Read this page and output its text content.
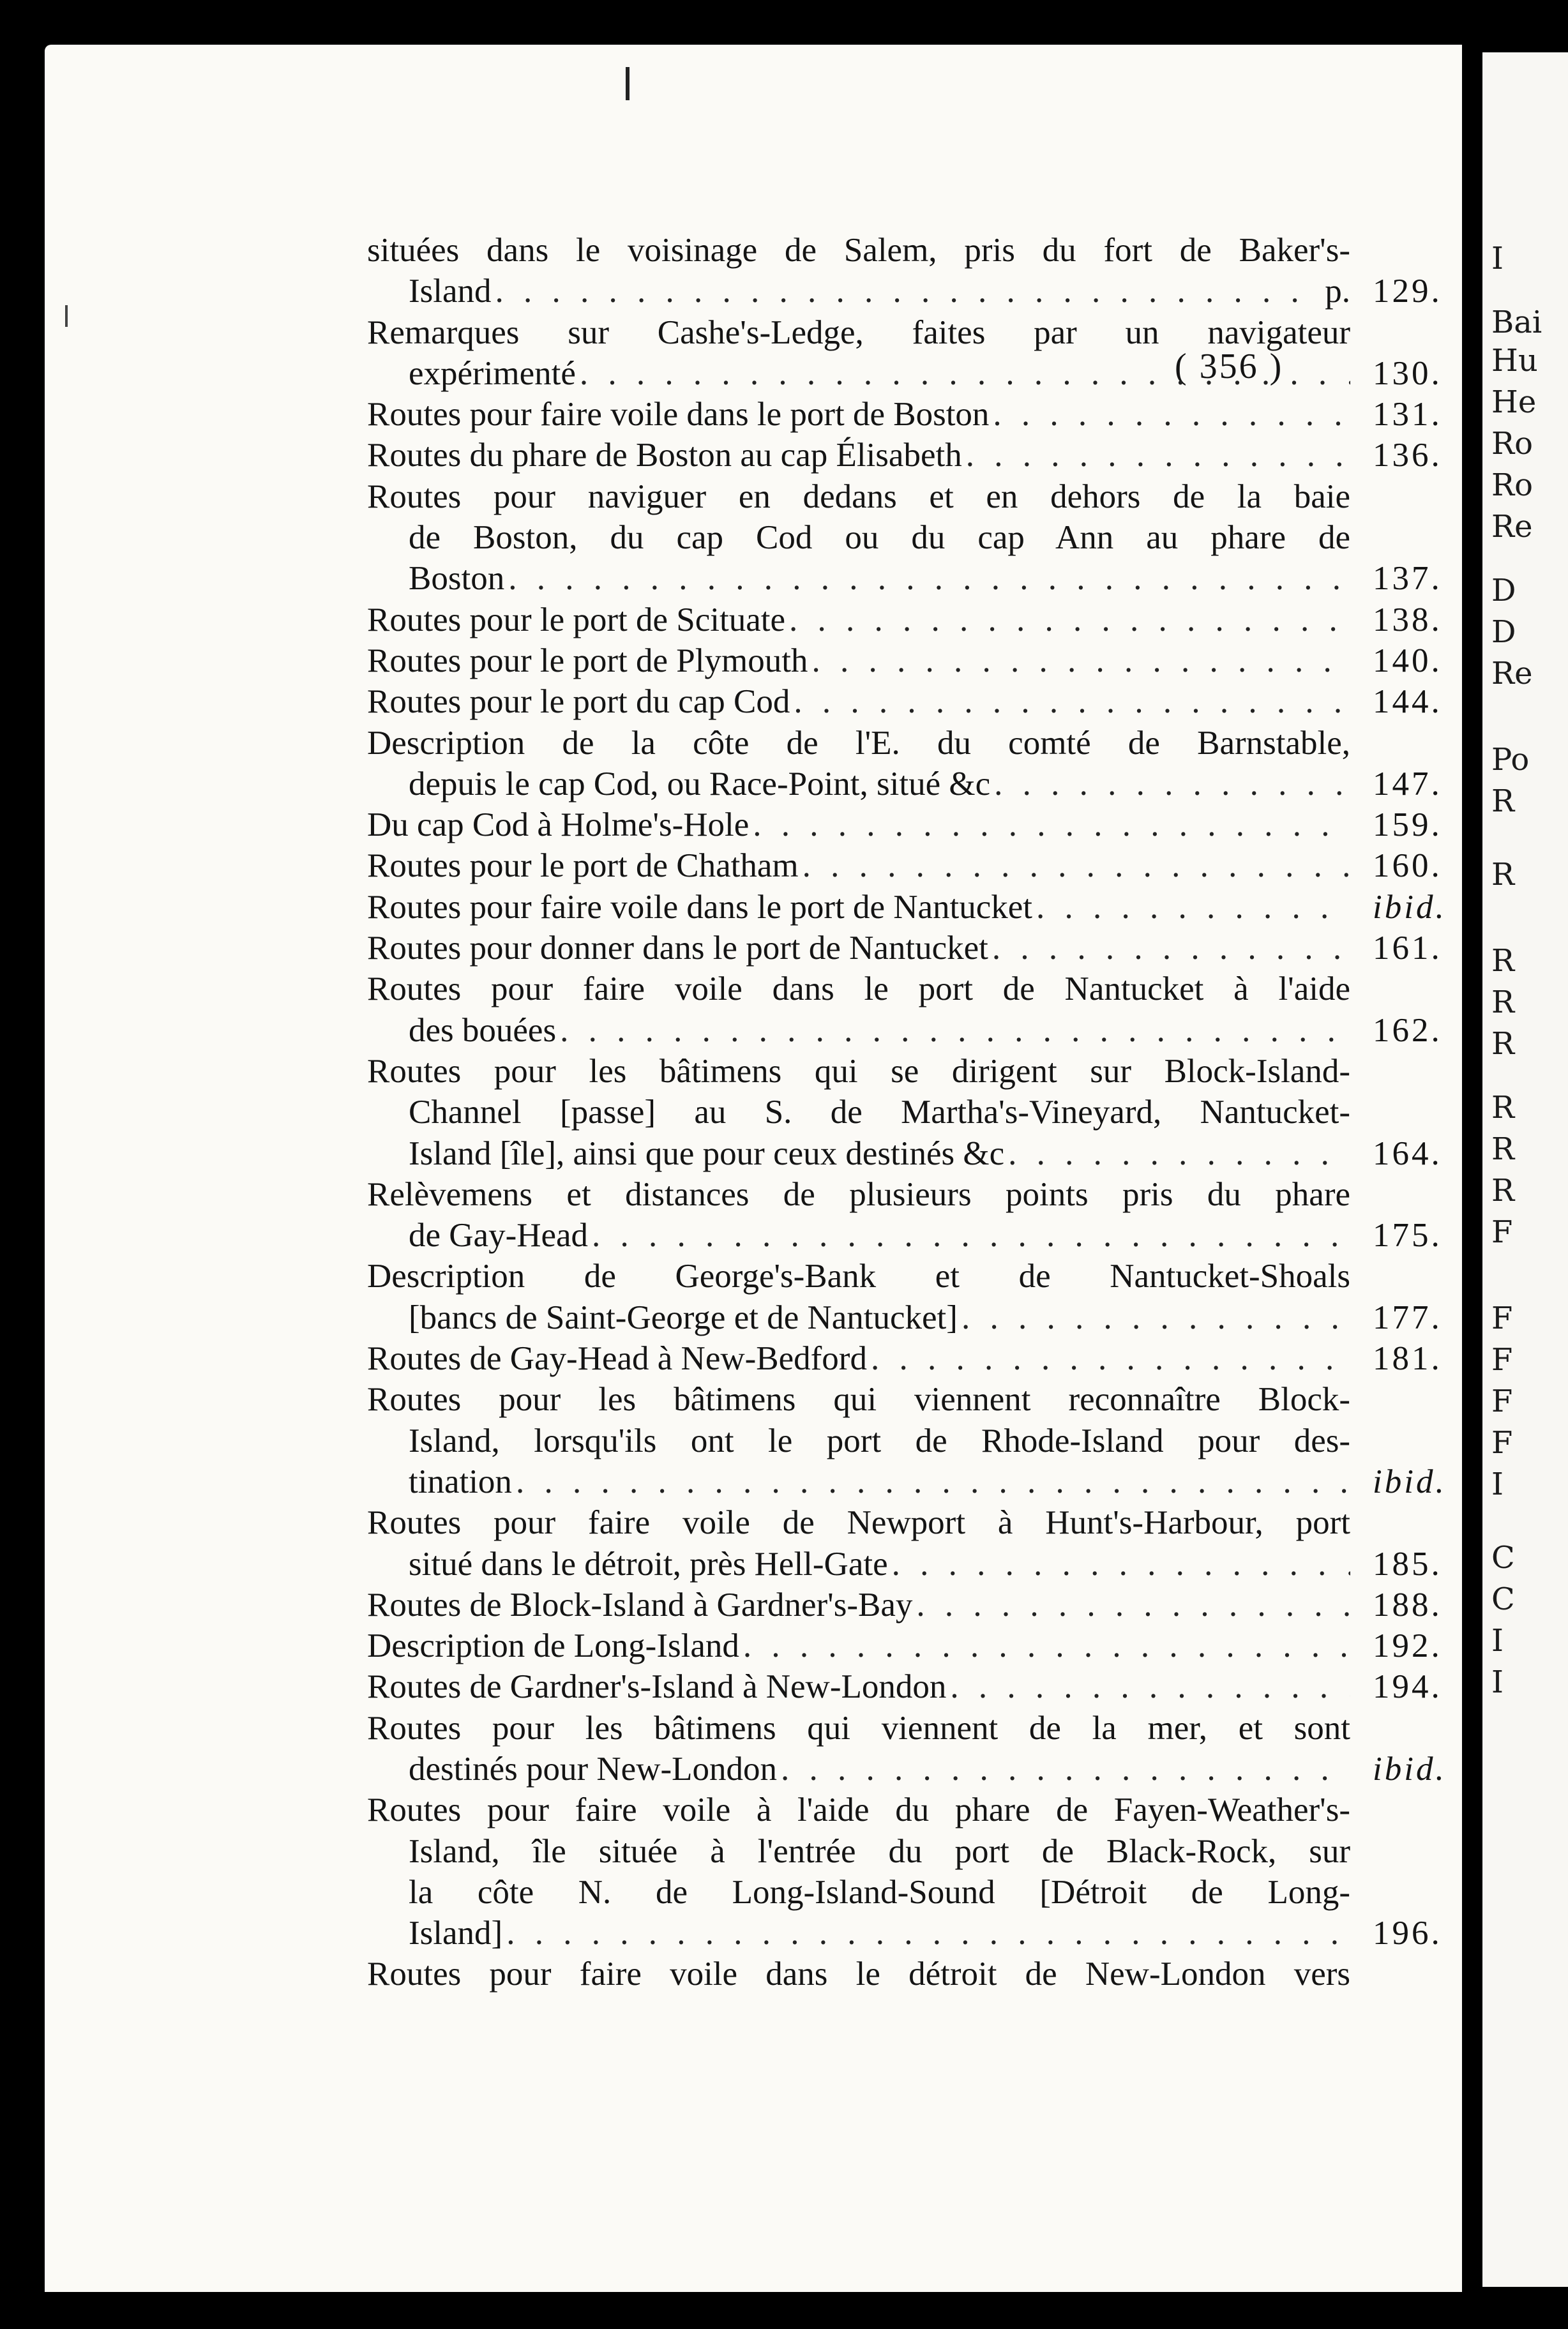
I
Bai
Hu
He
Ro
Ro
Re
D
D
Re
Po
R
R
R
R
R
R
R
R
F
F
F
F
F
I
C
C
I
I
( 356 )
situées dans le voisinage de Salem, pris du fort de Baker's-
Island . . .	p. 129.
Remarques sur Cashe's-Ledge, faites par un navigateur
expérimenté . . .	130.
Routes pour faire voile dans le port de Boston . . .	131.
Routes du phare de Boston au cap Élisabeth . . .	136.
Routes pour naviguer en dedans et en dehors de la baie
de Boston, du cap Cod ou du cap Ann au phare de
Boston . . .	137.
Routes pour le port de Scituate . . .	138.
Routes pour le port de Plymouth . . .	140.
Routes pour le port du cap Cod . . .	144.
Description de la côte de l'E. du comté de Barnstable,
depuis le cap Cod, ou Race-Point, situé &c . . .	147.
Du cap Cod à Holme's-Hole . . .	159.
Routes pour le port de Chatham . . .	160.
Routes pour faire voile dans le port de Nantucket . . .	ibid.
Routes pour donner dans le port de Nantucket . . .	161.
Routes pour faire voile dans le port de Nantucket à l'aide
des bouées . . .	162.
Routes pour les bâtimens qui se dirigent sur Block-Island-
Channel [passe] au S. de Martha's-Vineyard, Nantucket-
Island [île], ainsi que pour ceux destinés &c . . .	164.
Relèvemens et distances de plusieurs points pris du phare
de Gay-Head . . .	175.
Description de George's-Bank et de Nantucket-Shoals
[bancs de Saint-George et de Nantucket] . . .	177.
Routes de Gay-Head à New-Bedford . . .	181.
Routes pour les bâtimens qui viennent reconnaître Block-
Island, lorsqu'ils ont le port de Rhode-Island pour des-
tination . . .	ibid.
Routes pour faire voile de Newport à Hunt's-Harbour, port
situé dans le détroit, près Hell-Gate . . .	185.
Routes de Block-Island à Gardner's-Bay . . .	188.
Description de Long-Island . . .	192.
Routes de Gardner's-Island à New-London . . .	194.
Routes pour les bâtimens qui viennent de la mer, et sont
destinés pour New-London . . .	ibid.
Routes pour faire voile à l'aide du phare de Fayen-Weather's-
Island, île située à l'entrée du port de Black-Rock, sur
la côte N. de Long-Island-Sound [Détroit de Long-
Island] . . .	196.
Routes pour faire voile dans le détroit de New-London vers
